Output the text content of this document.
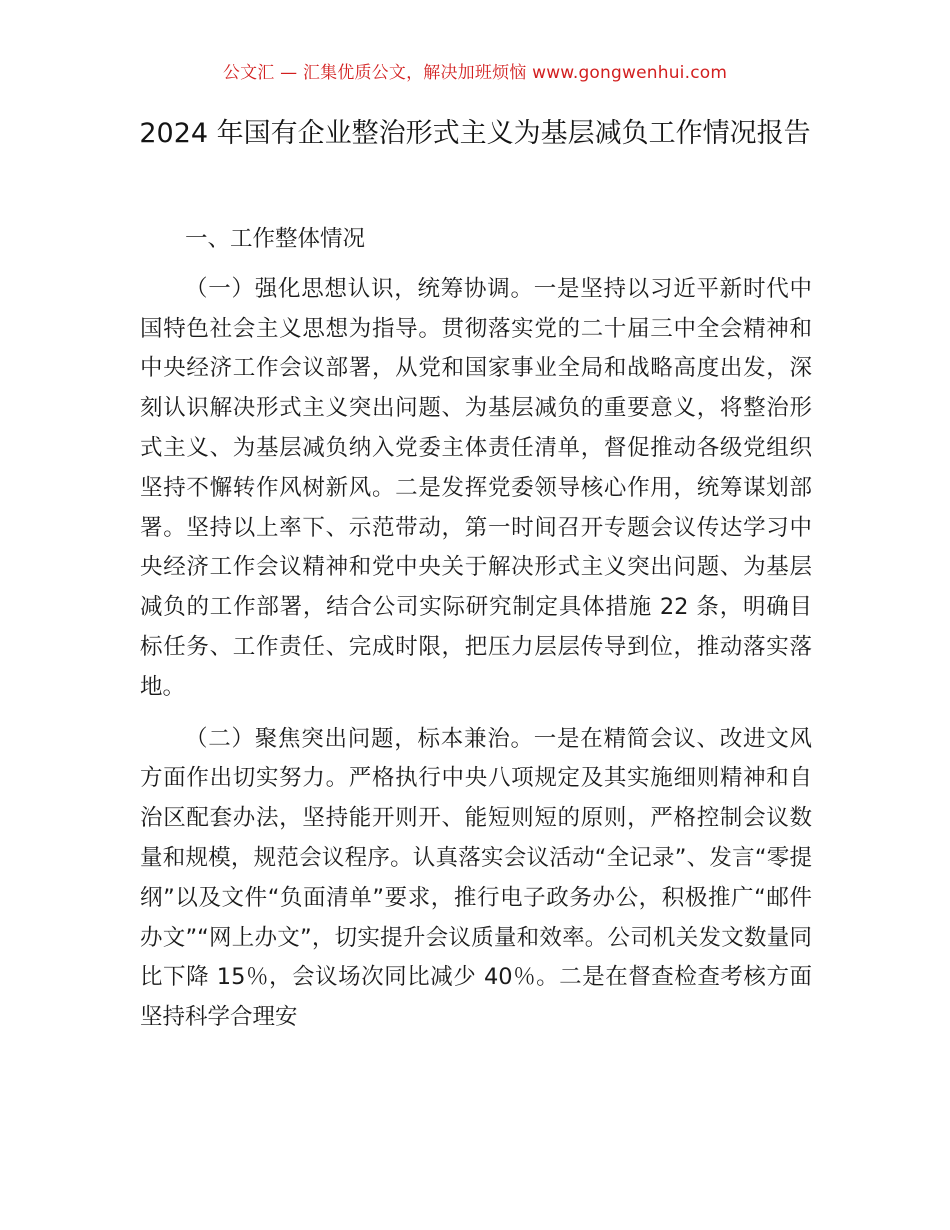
公文汇 — 汇集优质公文，解决加班烦恼 www.gongwenhui.com
2024 年国有企业整治形式主义为基层减负工作情况报告

一、工作整体情况

（一）强化思想认识，统筹协调。一是坚持以习近平新时代中国特色社会主义思想为指导。贯彻落实党的二十届三中全会精神和中央经济工作会议部署，从党和国家事业全局和战略高度出发，深刻认识解决形式主义突出问题、为基层减负的重要意义，将整治形式主义、为基层减负纳入党委主体责任清单，督促推动各级党组织坚持不懈转作风树新风。二是发挥党委领导核心作用，统筹谋划部署。坚持以上率下、示范带动，第一时间召开专题会议传达学习中央经济工作会议精神和党中央关于解决形式主义突出问题、为基层减负的工作部署，结合公司实际研究制定具体措施 22 条，明确目标任务、工作责任、完成时限，把压力层层传导到位，推动落实落地。

（二）聚焦突出问题，标本兼治。一是在精简会议、改进文风方面作出切实努力。严格执行中央八项规定及其实施细则精神和自治区配套办法，坚持能开则开、能短则短的原则，严格控制会议数量和规模，规范会议程序。认真落实会议活动“全记录”、发言“零提纲”以及文件“负面清单”要求，推行电子政务办公，积极推广“邮件办文”“网上办文”，切实提升会议质量和效率。公司机关发文数量同比下降 15％，会议场次同比减少 40％。二是在督查检查考核方面坚持科学合理安
